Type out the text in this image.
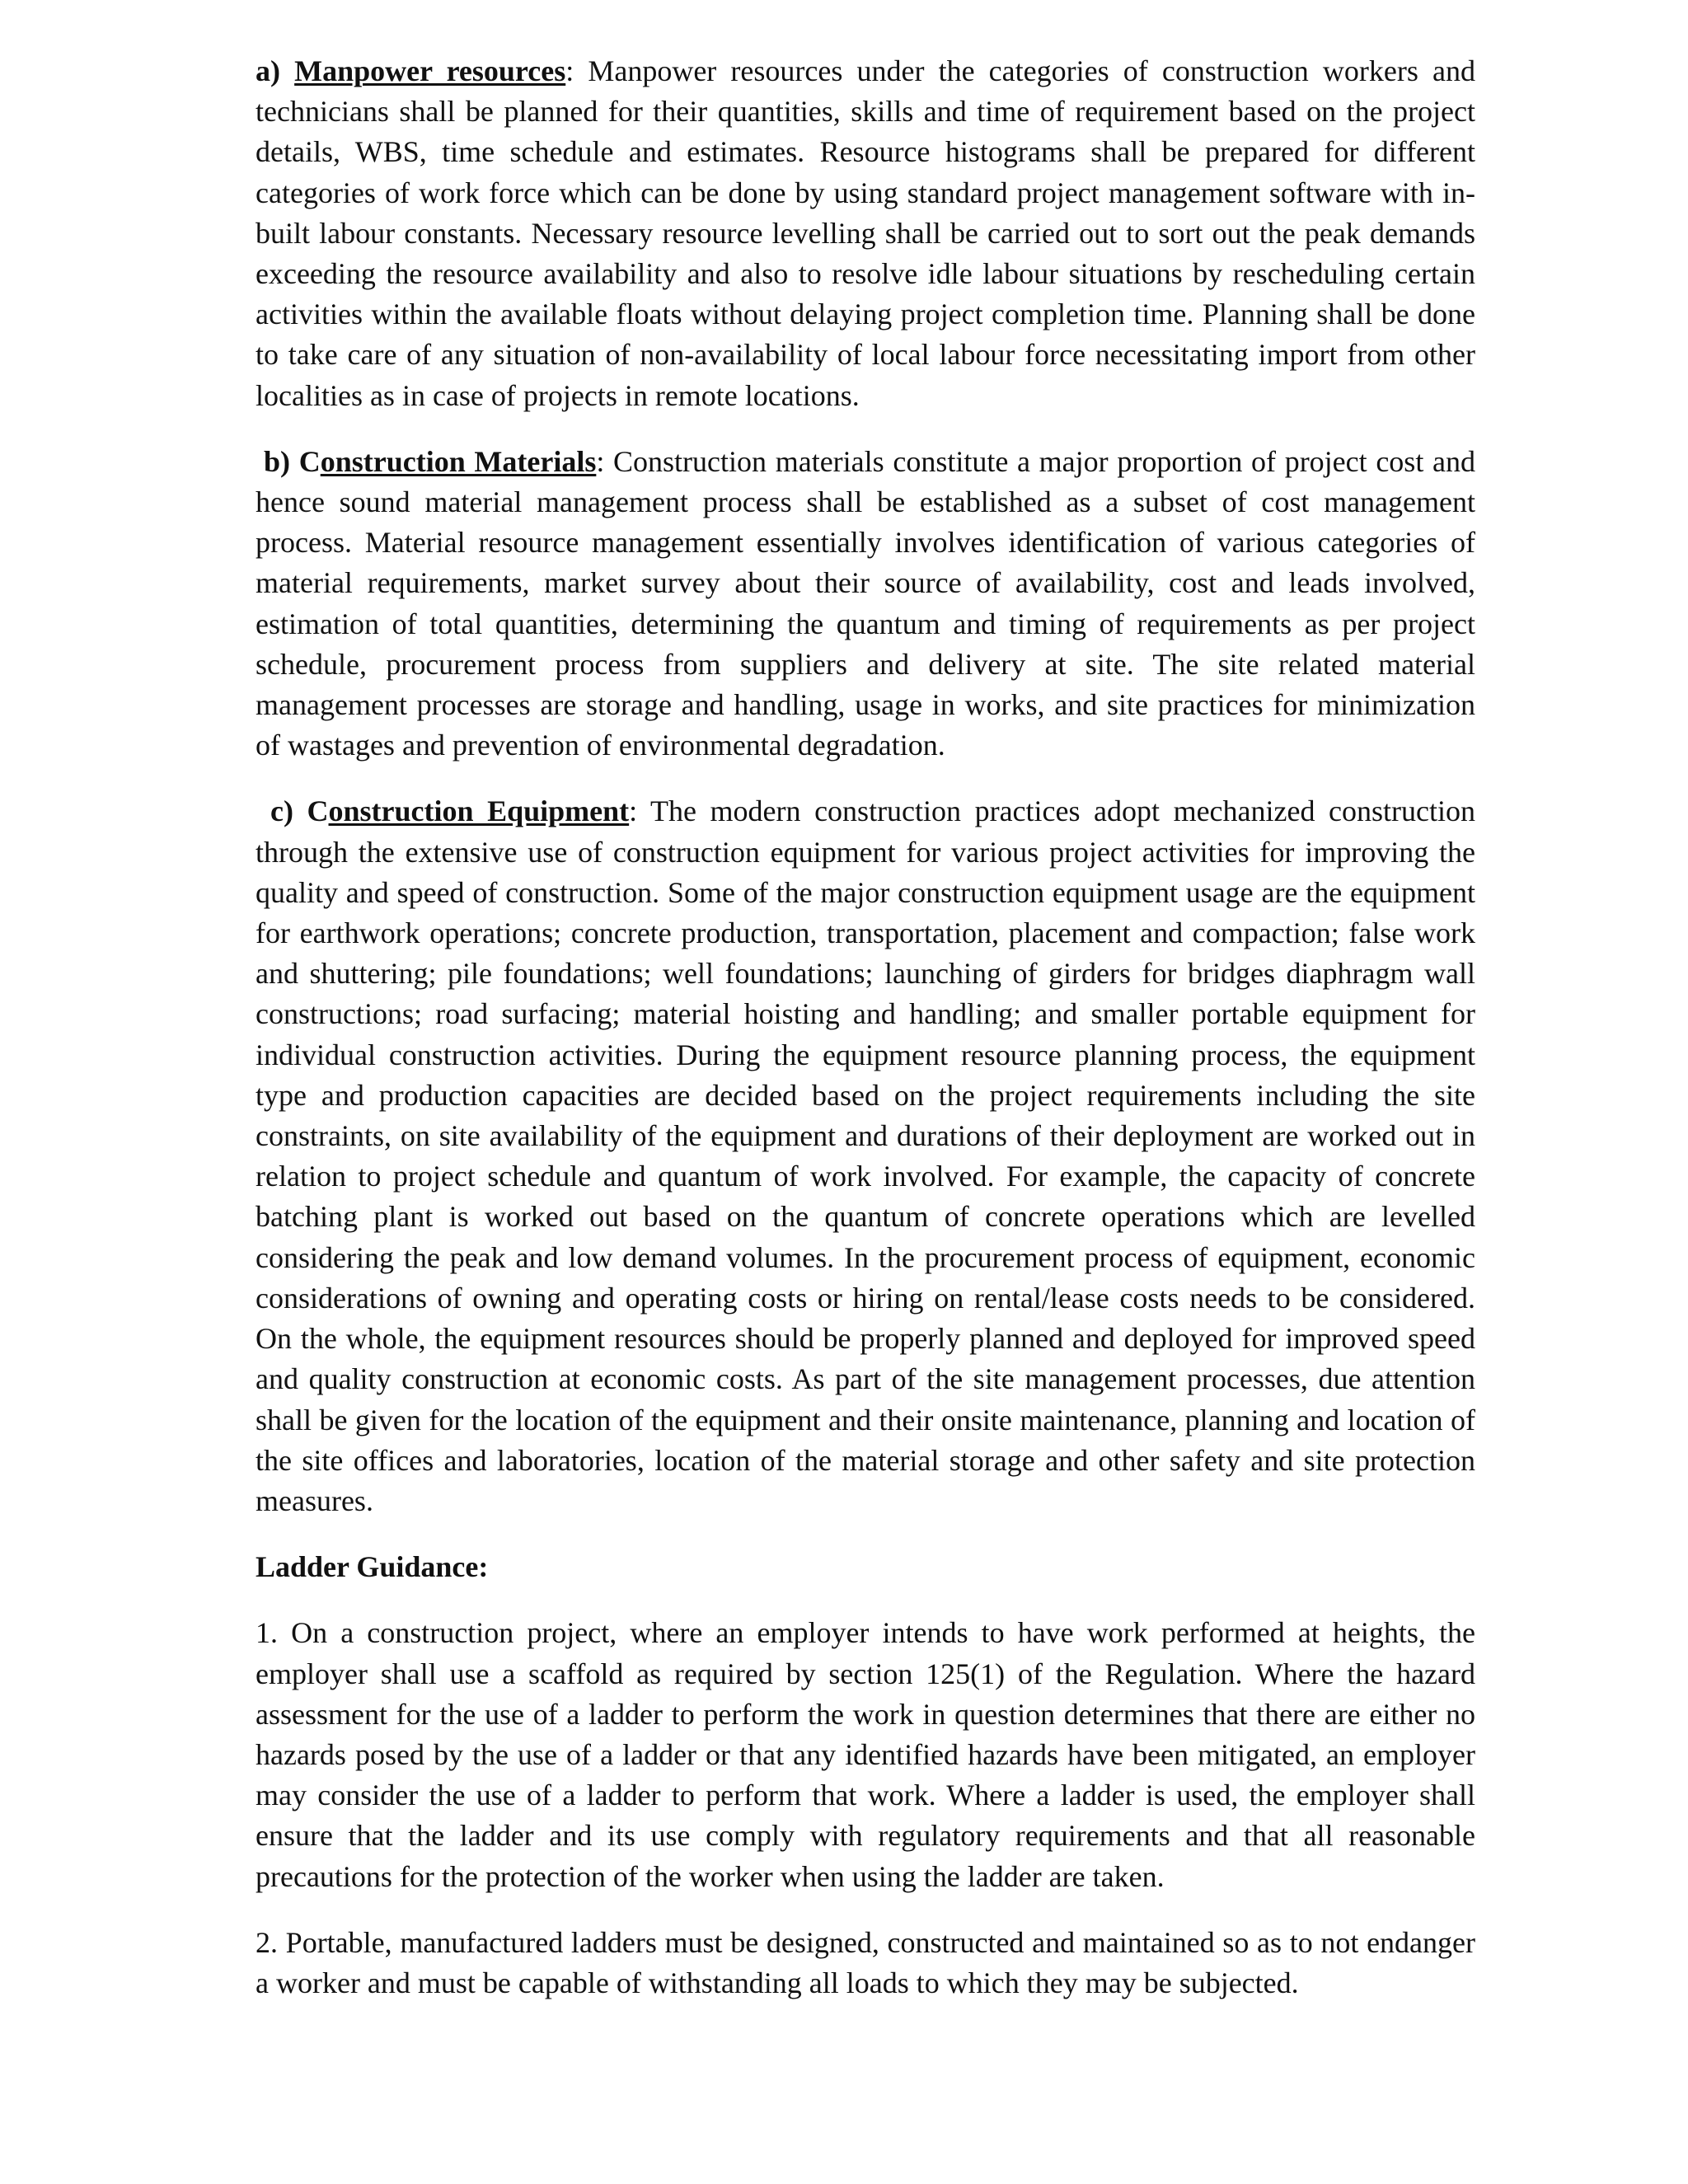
a) Manpower resources: Manpower resources under the categories of construction workers and technicians shall be planned for their quantities, skills and time of requirement based on the project details, WBS, time schedule and estimates. Resource histograms shall be prepared for different categories of work force which can be done by using standard project management software with in-built labour constants. Necessary resource levelling shall be carried out to sort out the peak demands exceeding the resource availability and also to resolve idle labour situations by rescheduling certain activities within the available floats without delaying project completion time. Planning shall be done to take care of any situation of non-availability of local labour force necessitating import from other localities as in case of projects in remote locations.

b) Construction Materials: Construction materials constitute a major proportion of project cost and hence sound material management process shall be established as a subset of cost management process. Material resource management essentially involves identification of various categories of material requirements, market survey about their source of availability, cost and leads involved, estimation of total quantities, determining the quantum and timing of requirements as per project schedule, procurement process from suppliers and delivery at site. The site related material management processes are storage and handling, usage in works, and site practices for minimization of wastages and prevention of environmental degradation.

c) Construction Equipment: The modern construction practices adopt mechanized construction through the extensive use of construction equipment for various project activities for improving the quality and speed of construction. Some of the major construction equipment usage are the equipment for earthwork operations; concrete production, transportation, placement and compaction; false work and shuttering; pile foundations; well foundations; launching of girders for bridges diaphragm wall constructions; road surfacing; material hoisting and handling; and smaller portable equipment for individual construction activities. During the equipment resource planning process, the equipment type and production capacities are decided based on the project requirements including the site constraints, on site availability of the equipment and durations of their deployment are worked out in relation to project schedule and quantum of work involved. For example, the capacity of concrete batching plant is worked out based on the quantum of concrete operations which are levelled considering the peak and low demand volumes. In the procurement process of equipment, economic considerations of owning and operating costs or hiring on rental/lease costs needs to be considered. On the whole, the equipment resources should be properly planned and deployed for improved speed and quality construction at economic costs. As part of the site management processes, due attention shall be given for the location of the equipment and their onsite maintenance, planning and location of the site offices and laboratories, location of the material storage and other safety and site protection measures.

Ladder Guidance:

1. On a construction project, where an employer intends to have work performed at heights, the employer shall use a scaffold as required by section 125(1) of the Regulation. Where the hazard assessment for the use of a ladder to perform the work in question determines that there are either no hazards posed by the use of a ladder or that any identified hazards have been mitigated, an employer may consider the use of a ladder to perform that work. Where a ladder is used, the employer shall ensure that the ladder and its use comply with regulatory requirements and that all reasonable precautions for the protection of the worker when using the ladder are taken.

2. Portable, manufactured ladders must be designed, constructed and maintained so as to not endanger a worker and must be capable of withstanding all loads to which they may be subjected.
